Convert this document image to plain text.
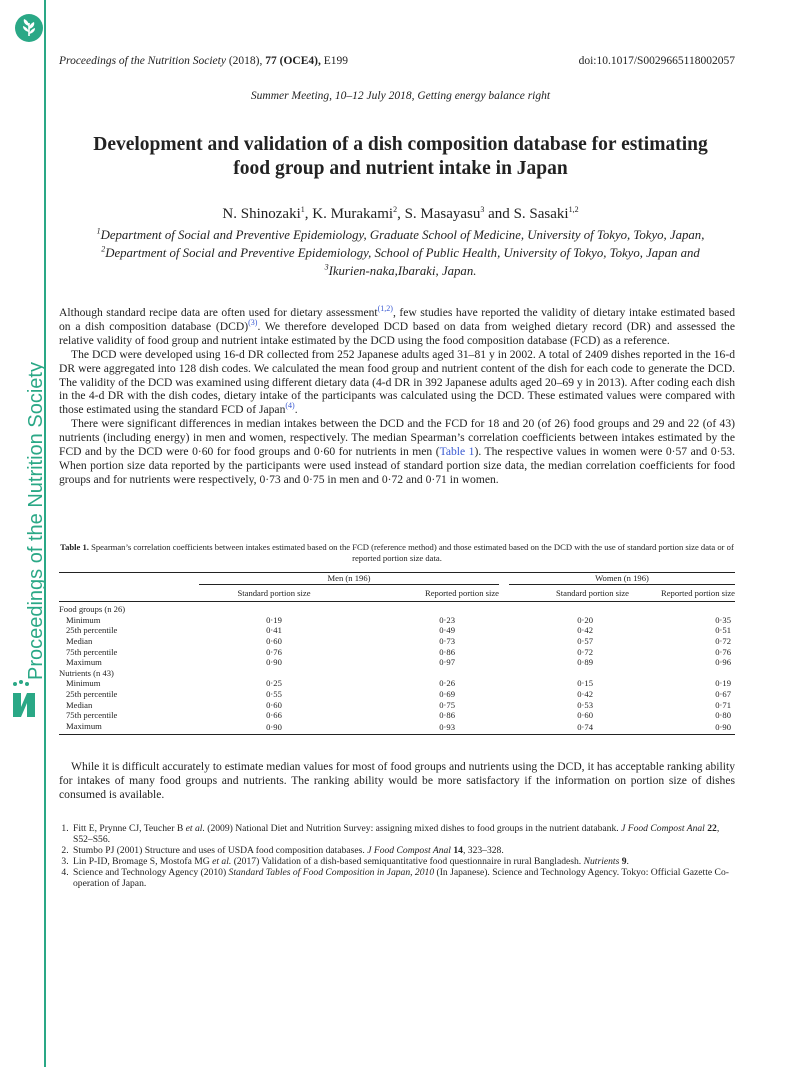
Proceedings of the Nutrition Society
Proceedings of the Nutrition Society (2018), 77 (OCE4), E199	doi:10.1017/S0029665118002057
Summer Meeting, 10–12 July 2018, Getting energy balance right
Development and validation of a dish composition database for estimating
food group and nutrient intake in Japan
N. Shinozaki$^1$, K. Murakami$^2$, S. Masayasu$^3$ and S. Sasaki$^{1,2}$
$^1$Department of Social and Preventive Epidemiology, Graduate School of Medicine, University of Tokyo, Tokyo, Japan,
$^2$Department of Social and Preventive Epidemiology, School of Public Health, University of Tokyo, Tokyo, Japan and
$^3$Ikurien-naka,Ibaraki, Japan.

Although standard recipe data are often used for dietary assessment$^{(1,2)}$, few studies have reported the validity of dietary intake estimated based on a dish composition database (DCD)$^{(3)}$. We therefore developed DCD based on data from weighed dietary record (DR) and assessed the relative validity of food group and nutrient intake estimated by the DCD using the food composition database (FCD) as a reference.

The DCD were developed using 16-d DR collected from 252 Japanese adults aged 31–81 y in 2002. A total of 2409 dishes reported in the 16-d DR were aggregated into 128 dish codes. We calculated the mean food group and nutrient content of the dish for each code to generate the DCD. The validity of the DCD was examined using different dietary data (4-d DR in 392 Japanese adults aged 20–69 y in 2013). After coding each dish in the 4-d DR with the dish codes, dietary intake of the participants was calculated using the DCD. These estimated values were compared with those estimated using the standard FCD of Japan$^{(4)}$.

There were significant differences in median intakes between the DCD and the FCD for 18 and 20 (of 26) food groups and 29 and 22 (of 43) nutrients (including energy) in men and women, respectively. The median Spearman’s correlation coefficients between intakes estimated by the FCD and by the DCD were 0·60 for food groups and 0·60 for nutrients in men (Table 1). The respective values in women were 0·57 and 0·53. When portion size data reported by the participants were used instead of standard portion size data, the median correlation coefficients for food groups and for nutrients were respectively, 0·73 and 0·75 in men and 0·72 and 0·71 in women.

Table 1. Spearman’s correlation coefficients between intakes estimated based on the FCD (reference method) and those estimated based on the DCD with the use of standard portion size data or of reported portion size data.
	Men (n 196)			Women (n 196)	
	Standard portion size	Reported portion size		Standard portion size	Reported portion size
Food groups (n 26)					
Minimum	0·19	0·23		0·20	0·35
25th percentile	0·41	0·49		0·42	0·51
Median	0·60	0·73		0·57	0·72
75th percentile	0·76	0·86		0·72	0·76
Maximum	0·90	0·97		0·89	0·96
Nutrients (n 43)					
Minimum	0·25	0·26		0·15	0·19
25th percentile	0·55	0·69		0·42	0·67
Median	0·60	0·75		0·53	0·71
75th percentile	0·66	0·86		0·60	0·80
Maximum	0·90	0·93		0·74	0·90

While it is difficult accurately to estimate median values for most of food groups and nutrients using the DCD, it has acceptable ranking ability for intakes of many food groups and nutrients. The ranking ability would be more satisfactory if the information on portion size of dishes consumed is available.

1. Fitt E, Prynne CJ, Teucher B et al. (2009) National Diet and Nutrition Survey: assigning mixed dishes to food groups in the nutrient databank. J Food Compost Anal 22, S52–S56.
2. Stumbo PJ (2001) Structure and uses of USDA food composition databases. J Food Compost Anal 14, 323–328.
3. Lin P-ID, Bromage S, Mostofa MG et al. (2017) Validation of a dish-based semiquantitative food questionnaire in rural Bangladesh. Nutrients 9.
4. Science and Technology Agency (2010) Standard Tables of Food Composition in Japan, 2010 (In Japanese). Science and Technology Agency. Tokyo: Official Gazette Co-operation of Japan.
